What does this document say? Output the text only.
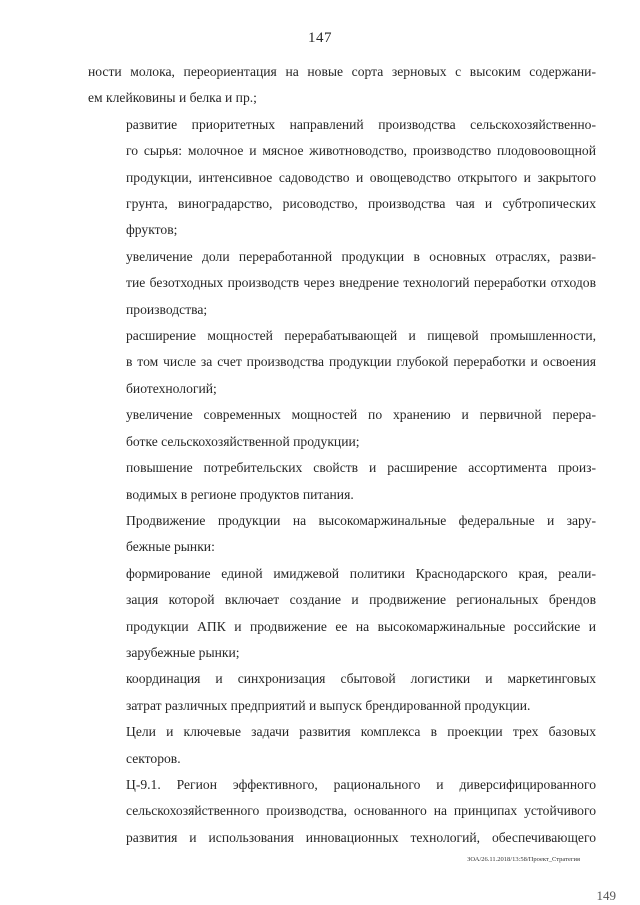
147
ности молока, переориентация на новые сорта зерновых с высоким содержани-
ем клейковины и белка и пр.;
развитие приоритетных направлений производства сельскохозяйственно-
го сырья: молочное и мясное животноводство, производство плодовоовощной
продукции, интенсивное садоводство и овощеводство открытого и закрытого
грунта, виноградарство, рисоводство, производства чая и субтропических
фруктов;
увеличение доли переработанной продукции в основных отраслях, разви-
тие безотходных производств через внедрение технологий переработки отходов
производства;
расширение мощностей перерабатывающей и пищевой промышленности,
в том числе за счет производства продукции глубокой переработки и освоения
биотехнологий;
увеличение современных мощностей по хранению и первичной перера-
ботке сельскохозяйственной продукции;
повышение потребительских свойств и расширение ассортимента произ-
водимых в регионе продуктов питания.
Продвижение продукции на высокомаржинальные федеральные и зару-
бежные рынки:
формирование единой имиджевой политики Краснодарского края, реали-
зация которой включает создание и продвижение региональных брендов
продукции АПК и продвижение ее на высокомаржинальные российские и
зарубежные рынки;
координация и синхронизация сбытовой логистики и маркетинговых
затрат различных предприятий и выпуск брендированной продукции.
Цели и ключевые задачи развития комплекса в проекции трех базовых
секторов.
Ц-9.1. Регион эффективного, рационального и диверсифицированного
сельскохозяйственного производства, основанного на принципах устойчивого
развития и использования инновационных технологий, обеспечивающего
ЗОА/26.11.2018/13:58/Проект_Стратегия
149
